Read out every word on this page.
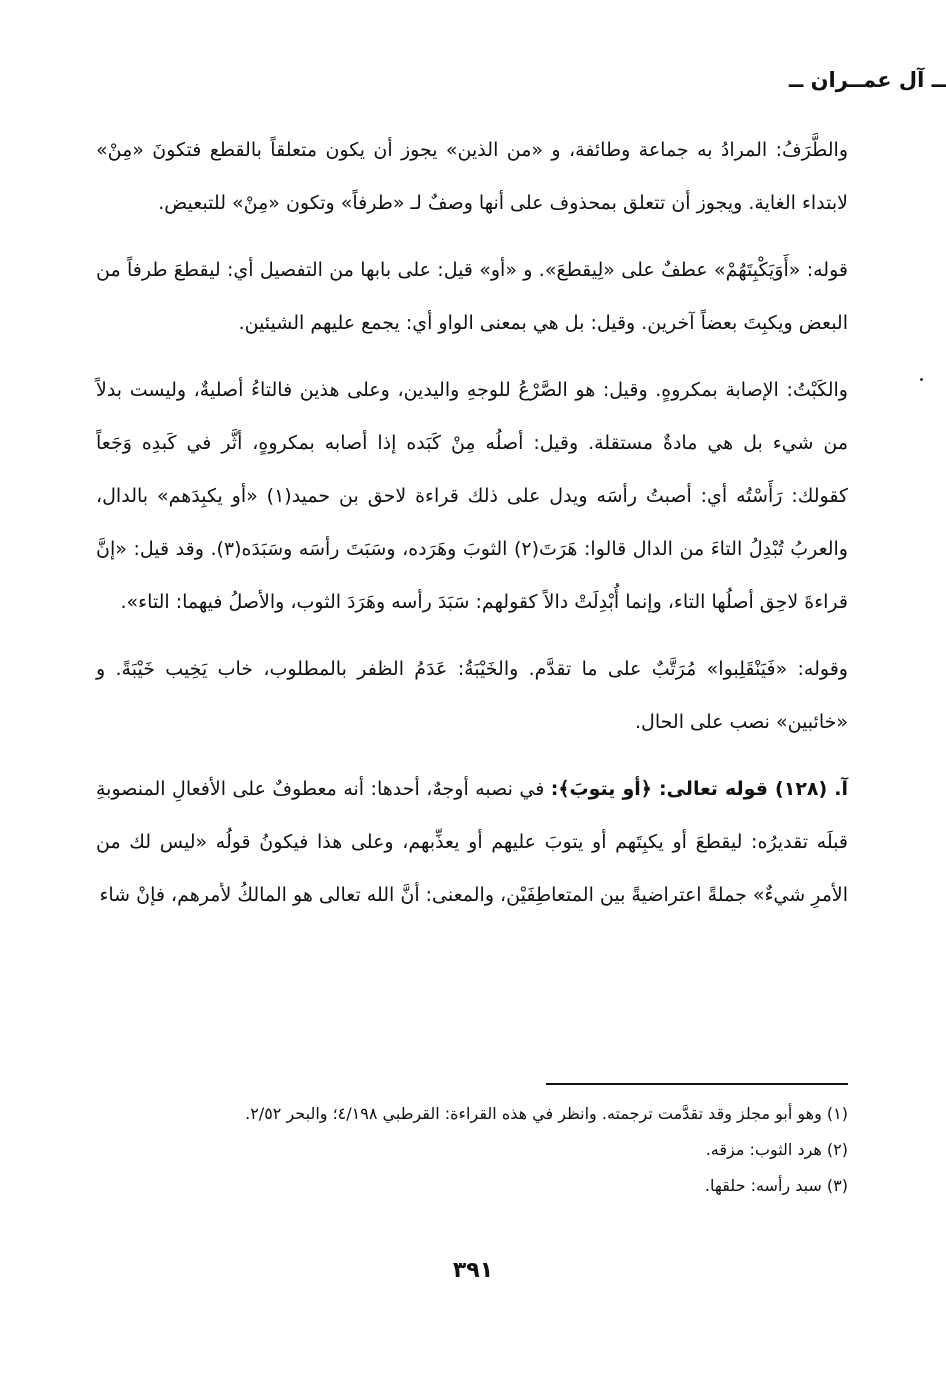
ــ آل عمــران ــ

والطَّرَفُ: المرادُ به جماعة وطائفة، و «من الذين» يجوز أن يكون متعلقاً بالقطع فتكونَ «مِنْ» لابتداء الغاية. ويجوز أن تتعلق بمحذوف على أنها وصفٌ لـ «طرفاً» وتكون «مِنْ» للتبعيض.

قوله: «أَوَيَكْبِتَهُمْ» عطفٌ على «لِيقطعَ». و «أو» قيل: على بابها من التفصيل أي: ليقطعَ طرفاً من البعض ويكبِتَ بعضاً آخرين. وقيل: بل هي بمعنى الواو أي: يجمع عليهم الشيئين.

والكَبْتُ: الإصابة بمكروهٍ. وقيل: هو الصَّرْعُ للوجهِ واليدين، وعلى هذين فالتاءُ أصليةٌ، وليست بدلاً من شيء بل هي مادةٌ مستقلة. وقيل: أصلُه مِنْ كَبَده إذا أصابه بمكروهٍ، أثَّر في كَبدِه وَجَعاً كقولك: رَأَسْتُه أي: أصبتُ رأسَه ويدل على ذلك قراءة لاحق بن حميد(١) «أو يكبِدَهم» بالدال، والعربُ تُبْدِلُ التاءَ من الدال قالوا: هَرَتَ(٢) الثوبَ وهَرَده، وسَبَتَ رأسَه وسَبَدَه(٣). وقد قيل: «إنَّ قراءةَ لاحِق أصلُها التاء، وإنما أُبْدِلَتْ دالاً كقولهم: سَبَدَ رأسه وهَرَدَ الثوب، والأصلُ فيهما: التاء».

وقوله: «فَيَنْقَلِبوا» مُرَتَّبٌ على ما تقدَّم. والخَيْبَةُ: عَدَمُ الظفر بالمطلوب، خاب يَخِيب خَيْبَةً. و «خائبين» نصب على الحال.

آ. (١٢٨) قوله تعالى: ﴿أو يتوبَ﴾: في نصبه أوجهٌ، أحدها: أنه معطوفٌ على الأفعالِ المنصوبةِ قبلَه تقديرُه: ليقطعَ أو يكبِتَهم أو يتوبَ عليهم أو يعذِّبهم، وعلى هذا فيكونُ قولُه «ليس لك من الأمرِ شيءٌ» جملةً اعتراضيةً بين المتعاطِفَيْن، والمعنى: أنَّ الله تعالى هو المالكُ لأمرهم، فإنْ شاء

(١) وهو أبو مجلز وقد تقدَّمت ترجمته. وانظر في هذه القراءة: القرطبي ٤/١٩٨؛ والبحر ٢/٥٢.
(٢) هرد الثوب: مزقه.
(٣) سبد رأسه: حلقها.
٣٩١
